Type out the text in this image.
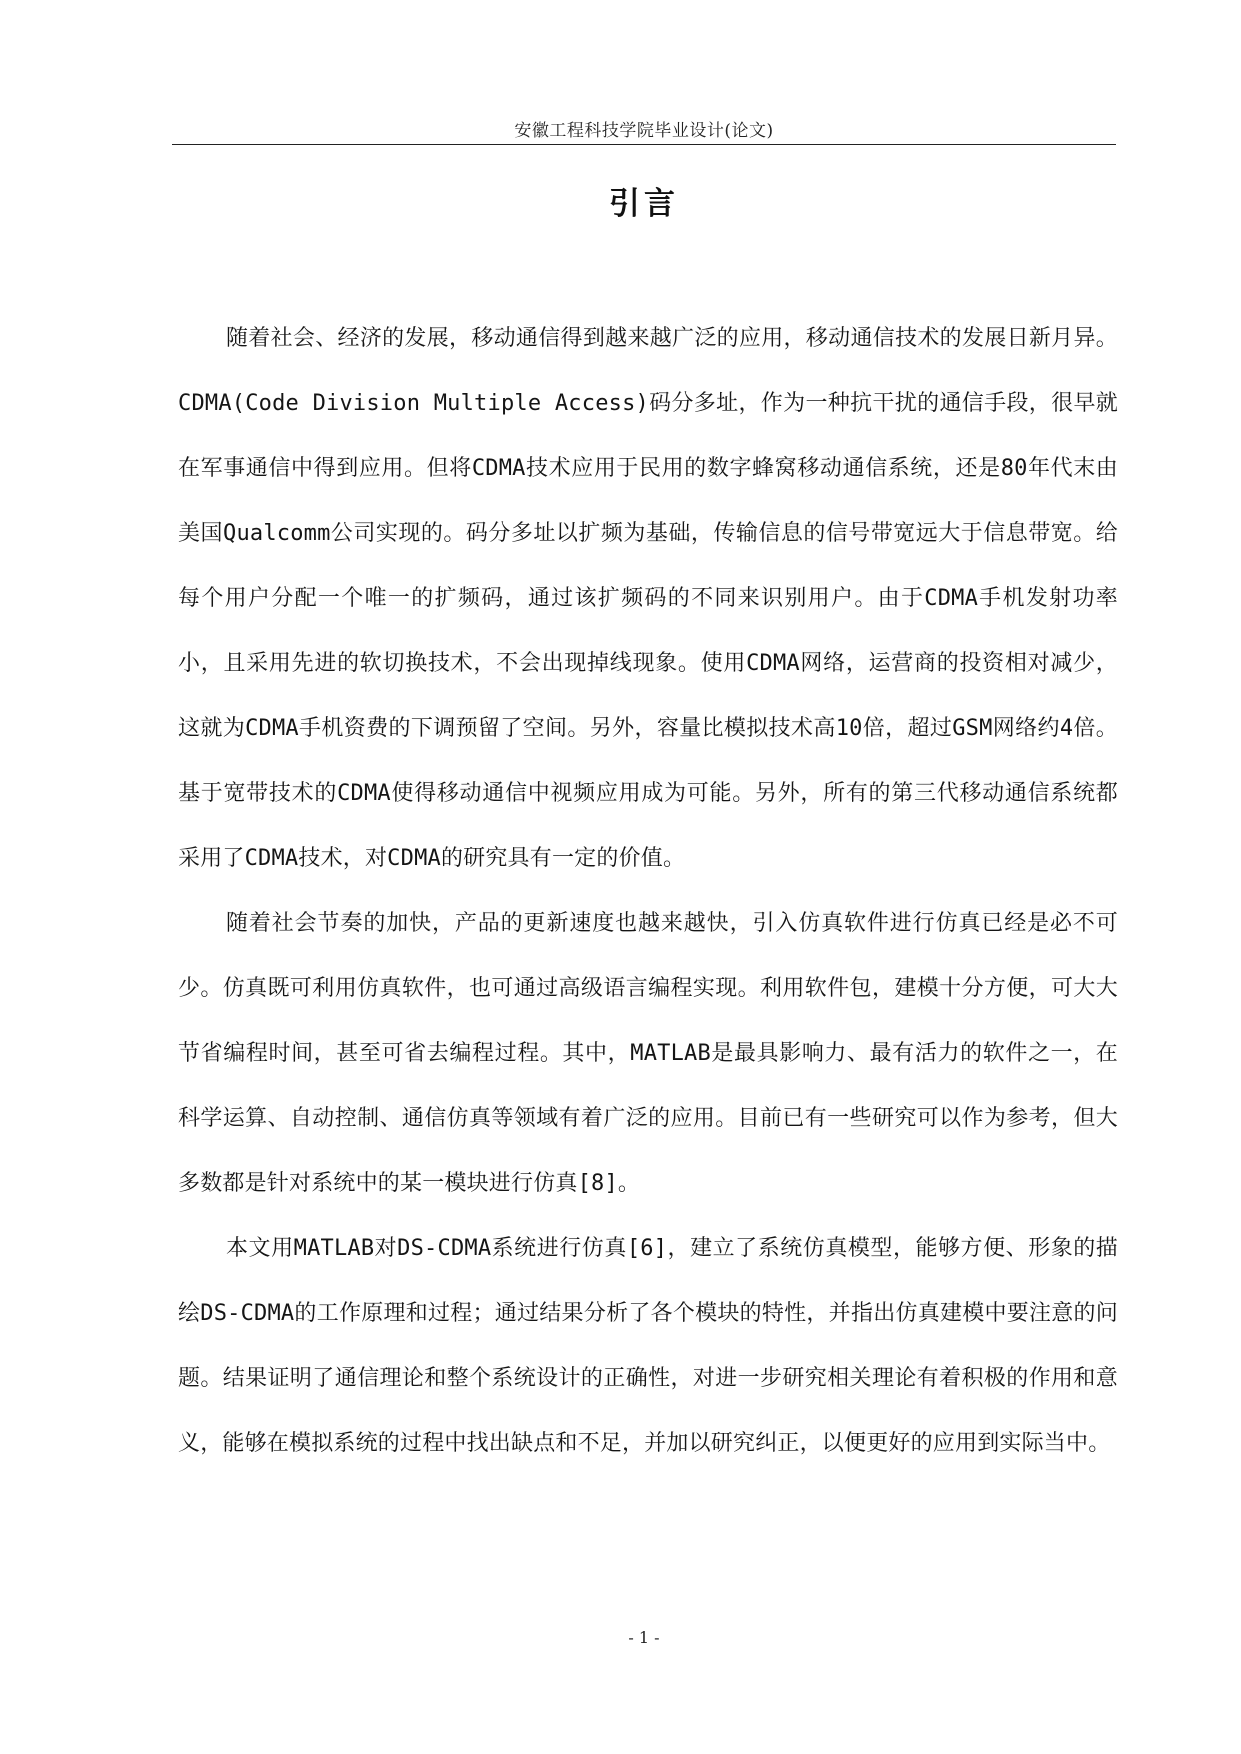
安徽工程科技学院毕业设计(论文)
引言

随着社会、经济的发展，移动通信得到越来越广泛的应用，移动通信技术的发展日新月异。CDMA(Code Division Multiple Access)码分多址，作为一种抗干扰的通信手段，很早就在军事通信中得到应用。但将CDMA技术应用于民用的数字蜂窝移动通信系统，还是80年代末由美国Qualcomm公司实现的。码分多址以扩频为基础，传输信息的信号带宽远大于信息带宽。给每个用户分配一个唯一的扩频码，通过该扩频码的不同来识别用户。由于CDMA手机发射功率小，且采用先进的软切换技术，不会出现掉线现象。使用CDMA网络，运营商的投资相对减少，这就为CDMA手机资费的下调预留了空间。另外，容量比模拟技术高10倍，超过GSM网络约4倍。基于宽带技术的CDMA使得移动通信中视频应用成为可能。另外，所有的第三代移动通信系统都采用了CDMA技术，对CDMA的研究具有一定的价值。

随着社会节奏的加快，产品的更新速度也越来越快，引入仿真软件进行仿真已经是必不可少。仿真既可利用仿真软件，也可通过高级语言编程实现。利用软件包，建模十分方便，可大大节省编程时间，甚至可省去编程过程。其中，MATLAB是最具影响力、最有活力的软件之一，在科学运算、自动控制、通信仿真等领域有着广泛的应用。目前已有一些研究可以作为参考，但大多数都是针对系统中的某一模块进行仿真[8]。

本文用MATLAB对DS-CDMA系统进行仿真[6]，建立了系统仿真模型，能够方便、形象的描绘DS-CDMA的工作原理和过程；通过结果分析了各个模块的特性，并指出仿真建模中要注意的问题。结果证明了通信理论和整个系统设计的正确性，对进一步研究相关理论有着积极的作用和意义，能够在模拟系统的过程中找出缺点和不足，并加以研究纠正，以便更好的应用到实际当中。

- 1 -
